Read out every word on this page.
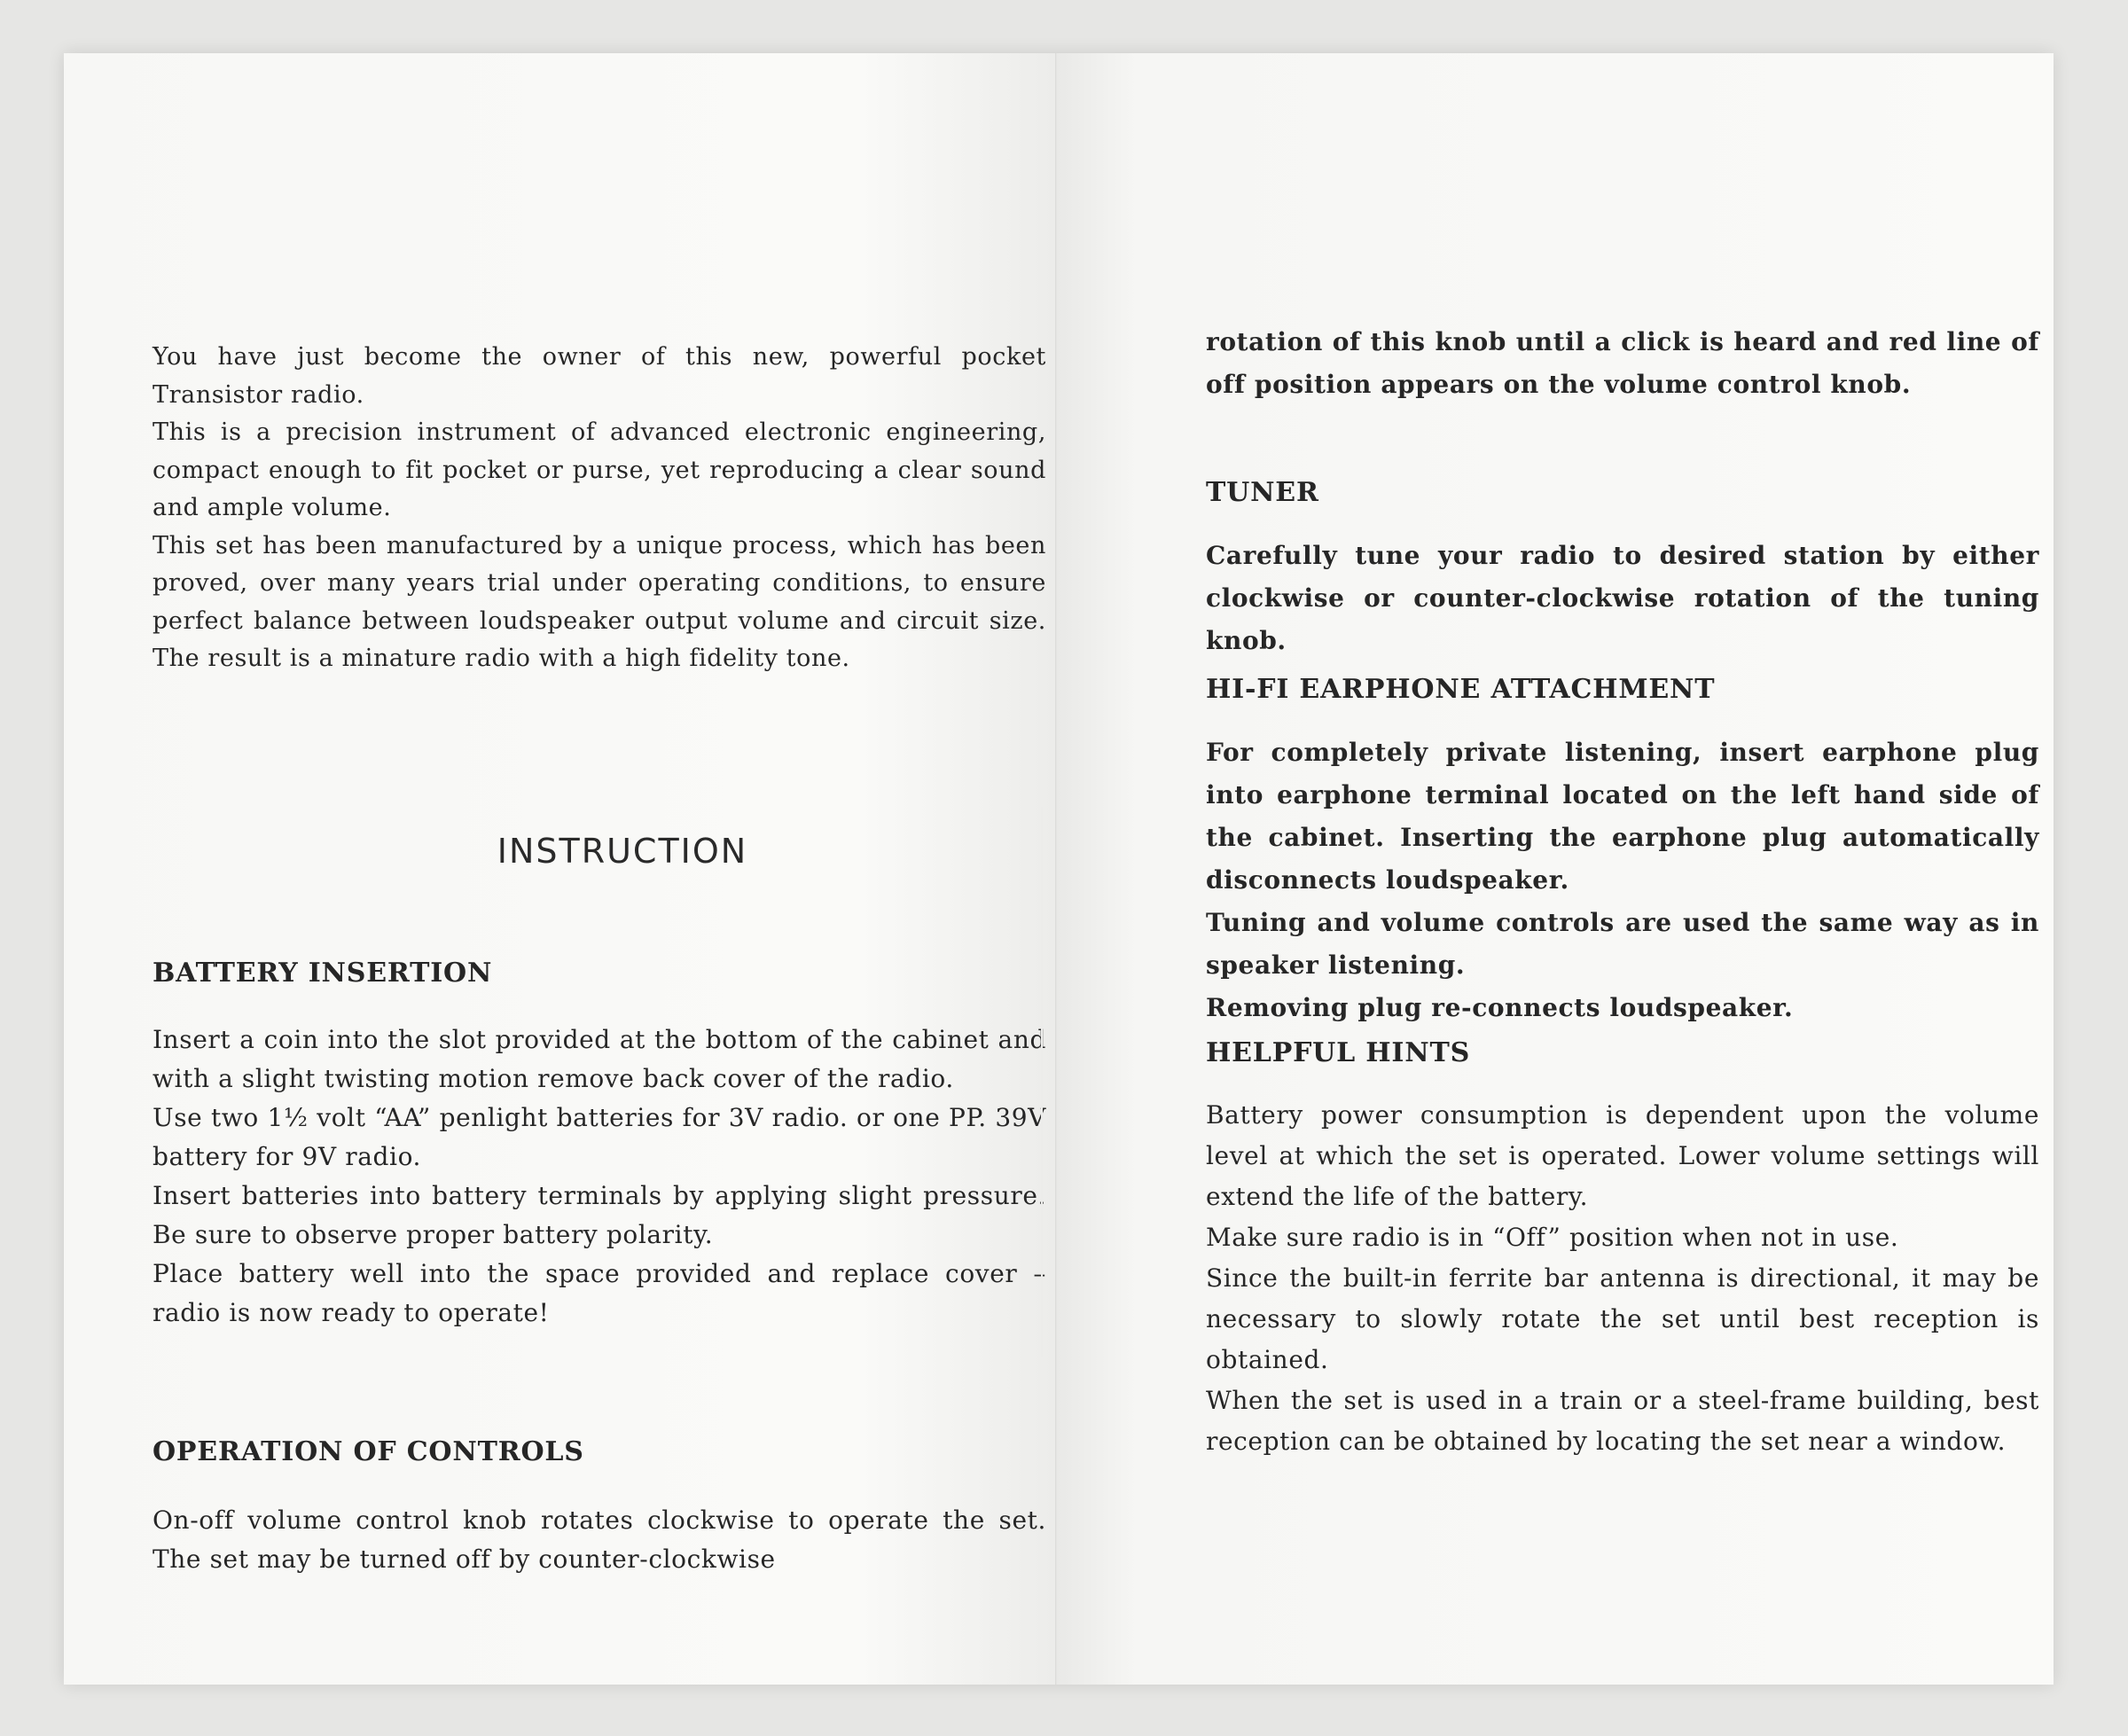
You have just become the owner of this new, powerful pocket Transistor radio.

This is a precision instrument of advanced electronic engineering, compact enough to fit pocket or purse, yet reproducing a clear sound and ample volume.

This set has been manufactured by a unique process, which has been proved, over many years trial under operating conditions, to ensure perfect balance between loudspeaker output volume and circuit size. The result is a minature radio with a high fidelity tone.

INSTRUCTION
BATTERY INSERTION

Insert a coin into the slot provided at the bottom of the cabinet and with a slight twisting motion remove back cover of the radio.

Use two 1½ volt “AA” penlight batteries for 3V radio. or one PP. 39V battery for 9V radio.

Insert batteries into battery terminals by applying slight pressure. Be sure to observe proper battery polarity.

Place battery well into the space provided and replace cover – radio is now ready to operate!

OPERATION OF CONTROLS

On-off volume control knob rotates clockwise to operate the set. The set may be turned off by counter-clockwise

rotation of this knob until a click is heard and red line of off position appears on the volume control knob.

TUNER

Carefully tune your radio to desired station by either clockwise or counter-clockwise rotation of the tuning knob.

HI-FI EARPHONE ATTACHMENT

For completely private listening, insert earphone plug into earphone terminal located on the left hand side of the cabinet. Inserting the earphone plug automatically disconnects loudspeaker.

Tuning and volume controls are used the same way as in speaker listening.

Removing plug re-connects loudspeaker.

HELPFUL HINTS

Battery power consumption is dependent upon the volume level at which the set is operated. Lower volume settings will extend the life of the battery.

Make sure radio is in “Off” position when not in use.

Since the built-in ferrite bar antenna is directional, it may be necessary to slowly rotate the set until best reception is obtained.

When the set is used in a train or a steel-frame building, best reception can be obtained by locating the set near a window.
